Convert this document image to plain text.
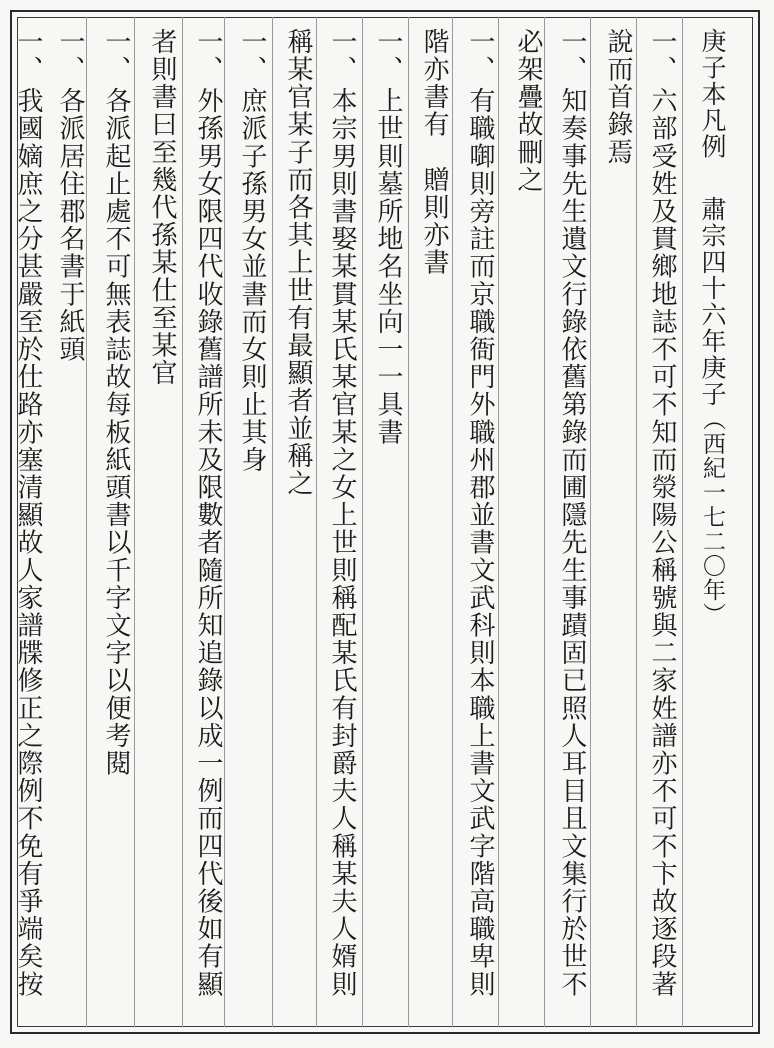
庚子本凡例肅宗四十六年庚子（西紀一七二〇年）
一、六部受姓及貫鄉地誌不可不知而滎陽公稱號與二家姓譜亦不可不卞故逐段著
說而首錄焉
一、知奏事先生遺文行錄依舊第錄而圃隱先生事蹟固已照人耳目且文集行於世不
必架疊故刪之
一、有職啣則旁註而京職衙門外職州郡並書文武科則本職上書文武字階高職卑則
階亦書有　贈則亦書
一、上世則墓所地名坐向一一具書
一、本宗男則書娶某貫某氏某官某之女上世則稱配某氏有封爵夫人稱某夫人婿則
稱某官某子而各其上世有最顯者並稱之
一、庶派子孫男女並書而女則止其身
一、外孫男女限四代收錄舊譜所未及限數者隨所知追錄以成一例而四代後如有顯
者則書曰至幾代孫某仕至某官
一、各派起止處不可無表誌故每板紙頭書以千字文字以便考閱
一、各派居住郡名書于紙頭
一、我國嫡庶之分甚嚴至於仕路亦塞清顯故人家譜牒修正之際例不免有爭端矣按
